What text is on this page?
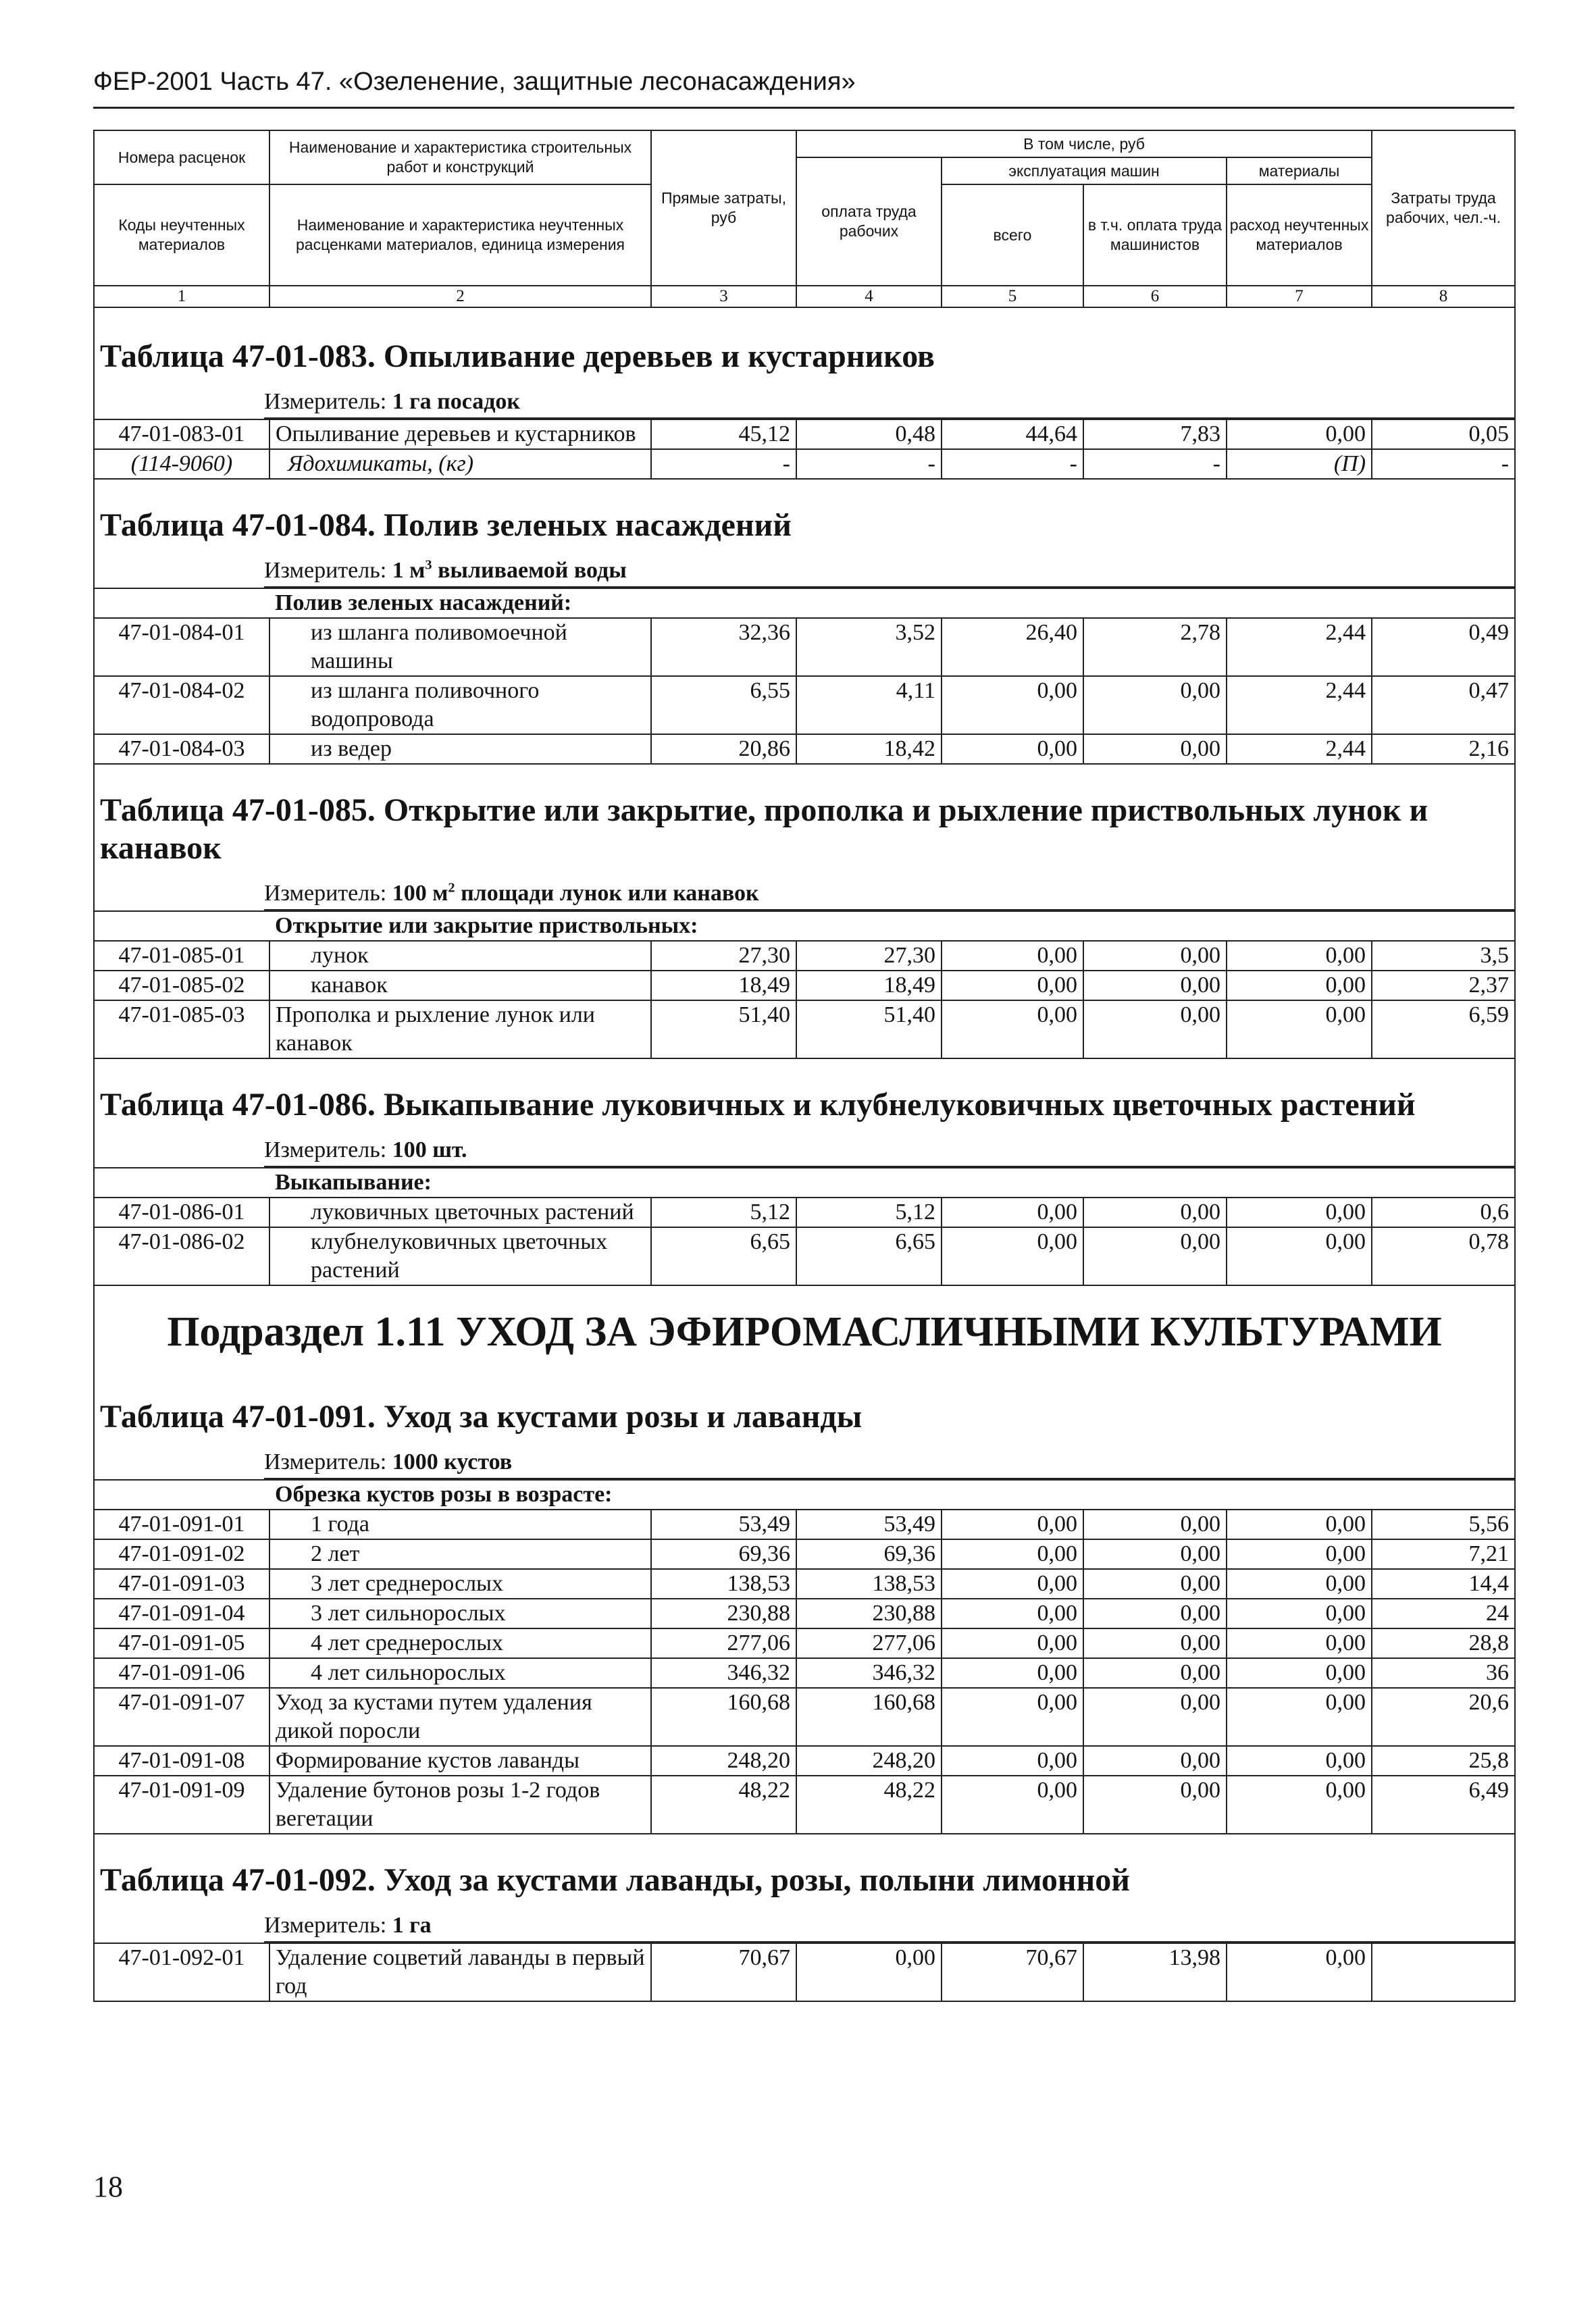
ФЕР-2001 Часть 47. «Озеленение, защитные лесонасаждения»
Номера расценок	Наименование и характеристика строительных работ и конструкций	Прямые затраты, руб	В том числе, руб				Затраты труда рабочих, чел.-ч.
			оплата труда рабочих	эксплуатация машин		материалы	
Коды неучтенных материалов	Наименование и характеристика неучтенных расценками материалов, единица измерения			всего	в т.ч. оплата труда машинистов	расход неучтенных материалов	
1	2	3	4	5	6	7	8
Таблица 47-01-083. Опыливание деревьев и кустарников							

Измеритель: 1 га посадок							

47-01-083-01	Опыливание деревьев и кустарников	45,12	0,48	44,64	7,83	0,00	0,05
(114-9060)	Ядохимикаты, (кг)	-	-	-	-	(П)	-
Таблица 47-01-084. Полив зеленых насаждений							

Измеритель: 1 $м^3$ выливаемой воды							

	Полив зеленых насаждений:						
47-01-084-01	из шланга поливомоечной машины	32,36	3,52	26,40	2,78	2,44	0,49
47-01-084-02	из шланга поливочного водопровода	6,55	4,11	0,00	0,00	2,44	0,47
47-01-084-03	из ведер	20,86	18,42	0,00	0,00	2,44	2,16
Таблица 47-01-085. Открытие или закрытие, прополка и рыхление приствольных лунок и канавок							

Измеритель: 100 $м^2$ площади лунок или канавок							

	Открытие или закрытие приствольных:						
47-01-085-01	лунок	27,30	27,30	0,00	0,00	0,00	3,5
47-01-085-02	канавок	18,49	18,49	0,00	0,00	0,00	2,37
47-01-085-03	Прополка и рыхление лунок или канавок	51,40	51,40	0,00	0,00	0,00	6,59
Таблица 47-01-086. Выкапывание луковичных и клубнелуковичных цветочных растений							

Измеритель: 100 шт.							

	Выкапывание:						
47-01-086-01	луковичных цветочных растений	5,12	5,12	0,00	0,00	0,00	0,6
47-01-086-02	клубнелуковичных цветочных растений	6,65	6,65	0,00	0,00	0,00	0,78
Подраздел 1.11 УХОД ЗА ЭФИРОМАСЛИЧНЫМИ КУЛЬТУРАМИ							
Таблица 47-01-091. Уход за кустами розы и лаванды							

Измеритель: 1000 кустов							

	Обрезка кустов розы в возрасте:						
47-01-091-01	1 года	53,49	53,49	0,00	0,00	0,00	5,56
47-01-091-02	2 лет	69,36	69,36	0,00	0,00	0,00	7,21
47-01-091-03	3 лет среднерослых	138,53	138,53	0,00	0,00	0,00	14,4
47-01-091-04	3 лет сильнорослых	230,88	230,88	0,00	0,00	0,00	24
47-01-091-05	4 лет среднерослых	277,06	277,06	0,00	0,00	0,00	28,8
47-01-091-06	4 лет сильнорослых	346,32	346,32	0,00	0,00	0,00	36
47-01-091-07	Уход за кустами путем удаления дикой поросли	160,68	160,68	0,00	0,00	0,00	20,6
47-01-091-08	Формирование кустов лаванды	248,20	248,20	0,00	0,00	0,00	25,8
47-01-091-09	Удаление бутонов розы 1-2 годов вегетации	48,22	48,22	0,00	0,00	0,00	6,49
Таблица 47-01-092. Уход за кустами лаванды, розы, полыни лимонной							

Измеритель: 1 га							

47-01-092-01	Удаление соцветий лаванды в первый год	70,67	0,00	70,67	13,98	0,00	
18
